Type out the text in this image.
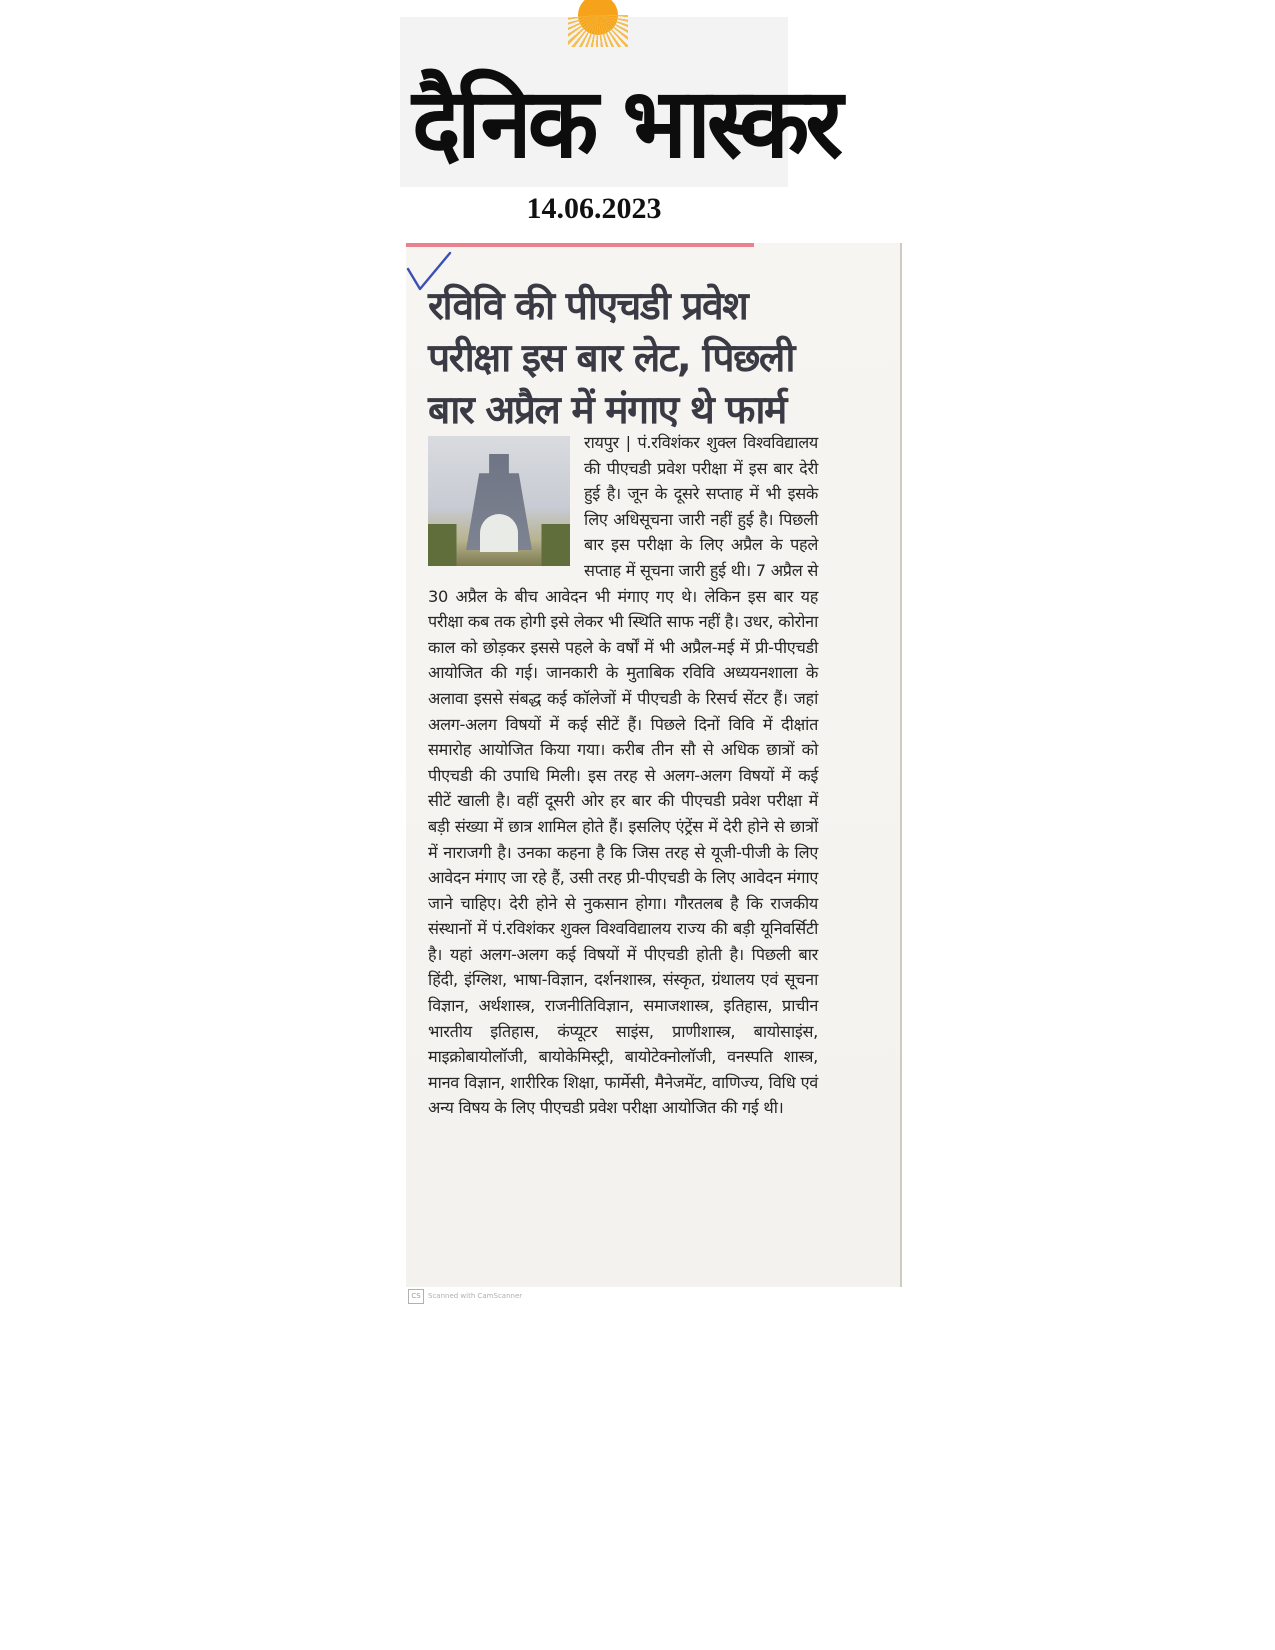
दैनिक भास्कर
14.06.2023
रविवि की पीएचडी प्रवेश परीक्षा इस बार लेट, पिछली बार अप्रैल में मंगाए थे फार्म
रायपुर | पं.रविशंकर शुक्ल विश्वविद्यालय की पीएचडी प्रवेश परीक्षा में इस बार देरी हुई है। जून के दूसरे सप्ताह में भी इसके लिए अधिसूचना जारी नहीं हुई है। पिछली बार इस परीक्षा के लिए अप्रैल के पहले सप्ताह में सूचना जारी हुई थी। 7 अप्रैल से 30 अप्रैल के बीच आवेदन भी मंगाए गए थे। लेकिन इस बार यह परीक्षा कब तक होगी इसे लेकर भी स्थिति साफ नहीं है। उधर, कोरोना काल को छोड़कर इससे पहले के वर्षों में भी अप्रैल-मई में प्री-पीएचडी आयोजित की गई। जानकारी के मुताबिक रविवि अध्ययनशाला के अलावा इससे संबद्ध कई कॉलेजों में पीएचडी के रिसर्च सेंटर हैं। जहां अलग-अलग विषयों में कई सीटें हैं। पिछले दिनों विवि में दीक्षांत समारोह आयोजित किया गया। करीब तीन सौ से अधिक छात्रों को पीएचडी की उपाधि मिली। इस तरह से अलग-अलग विषयों में कई सीटें खाली है। वहीं दूसरी ओर हर बार की पीएचडी प्रवेश परीक्षा में बड़ी संख्या में छात्र शामिल होते हैं। इसलिए एंट्रेंस में देरी होने से छात्रों में नाराजगी है। उनका कहना है कि जिस तरह से यूजी-पीजी के लिए आवेदन मंगाए जा रहे हैं, उसी तरह प्री-पीएचडी के लिए आवेदन मंगाए जाने चाहिए। देरी होने से नुकसान होगा। गौरतलब है कि राजकीय संस्थानों में पं.रविशंकर शुक्ल विश्वविद्यालय राज्य की बड़ी यूनिवर्सिटी है। यहां अलग-अलग कई विषयों में पीएचडी होती है। पिछली बार हिंदी, इंग्लिश, भाषा-विज्ञान, दर्शनशास्त्र, संस्कृत, ग्रंथालय एवं सूचना विज्ञान, अर्थशास्त्र, राजनीतिविज्ञान, समाजशास्त्र, इतिहास, प्राचीन भारतीय इतिहास, कंप्यूटर साइंस, प्राणीशास्त्र, बायोसाइंस, माइक्रोबायोलॉजी, बायोकेमिस्ट्री, बायोटेक्नोलॉजी, वनस्पति शास्त्र, मानव विज्ञान, शारीरिक शिक्षा, फार्मेसी, मैनेजमेंट, वाणिज्य, विधि एवं अन्य विषय के लिए पीएचडी प्रवेश परीक्षा आयोजित की गई थी।
CS	Scanned with CamScanner
